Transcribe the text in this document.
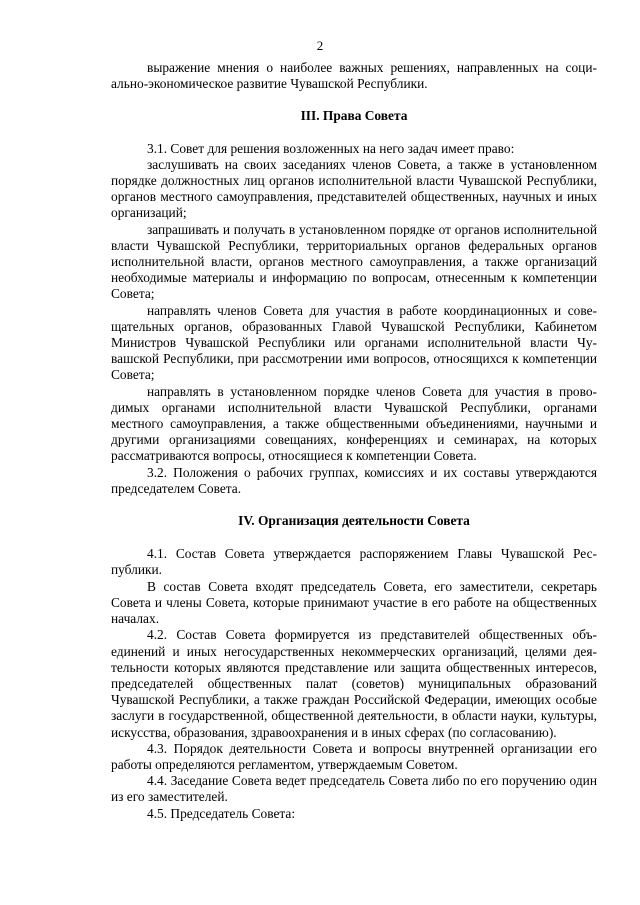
2

выражение мнения о наиболее важных решениях, направленных на социально-экономическое развитие Чувашской Республики.

III. Права Совета

3.1. Совет для решения возложенных на него задач имеет право:

заслушивать на своих заседаниях членов Совета, а также в установленном порядке должностных лиц органов исполнительной власти Чувашской Республики, органов местного самоуправления, представителей общественных, научных и иных организаций;

запрашивать и получать в установленном порядке от органов исполнительной власти Чувашской Республики, территориальных органов федеральных органов исполнительной власти, органов местного самоуправления, а также организаций необходимые материалы и информацию по вопросам, отнесенным к компетенции Совета;

направлять членов Совета для участия в работе координационных и совещательных органов, образованных Главой Чувашской Республики, Кабинетом Министров Чувашской Республики или органами исполнительной власти Чувашской Республики, при рассмотрении ими вопросов, относящихся к компетенции Совета;

направлять в установленном порядке членов Совета для участия в проводимых органами исполнительной власти Чувашской Республики, органами местного самоуправления, а также общественными объединениями, научными и другими организациями совещаниях, конференциях и семинарах, на которых рассматриваются вопросы, относящиеся к компетенции Совета.

3.2. Положения о рабочих группах, комиссиях и их составы утверждаются председателем Совета.

IV. Организация деятельности Совета

4.1. Состав Совета утверждается распоряжением Главы Чувашской Республики.

В состав Совета входят председатель Совета, его заместители, секретарь Совета и члены Совета, которые принимают участие в его работе на общественных началах.

4.2. Состав Совета формируется из представителей общественных объединений и иных негосударственных некоммерческих организаций, целями деятельности которых являются представление или защита общественных интересов, председателей общественных палат (советов) муниципальных образований Чувашской Республики, а также граждан Российской Федерации, имеющих особые заслуги в государственной, общественной деятельности, в области науки, культуры, искусства, образования, здравоохранения и в иных сферах (по согласованию).

4.3. Порядок деятельности Совета и вопросы внутренней организации его работы определяются регламентом, утверждаемым Советом.

4.4. Заседание Совета ведет председатель Совета либо по его поручению один из его заместителей.

4.5. Председатель Совета:
